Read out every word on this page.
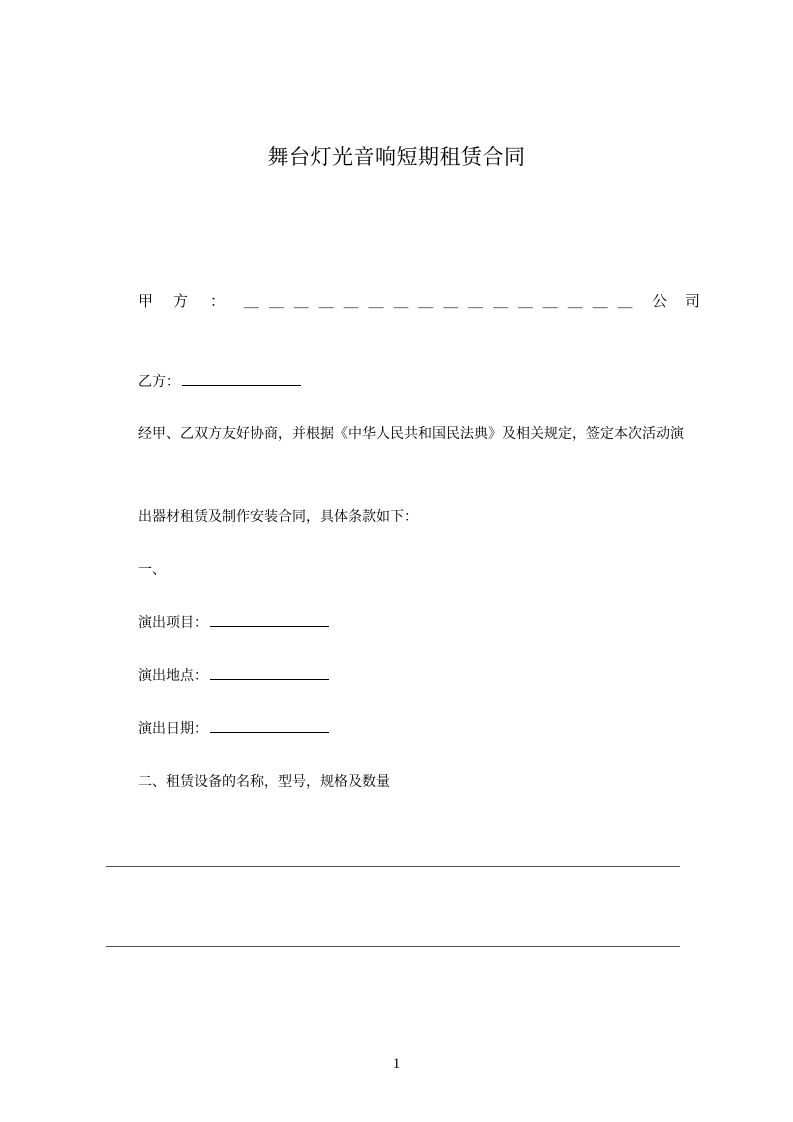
舞台灯光音响短期租赁合同
甲方 ： ＿＿＿＿＿＿＿＿＿＿＿＿＿＿＿＿ 公司
乙方：
经甲、乙双方友好协商，并根据《中华人民共和国民法典》及相关规定，签定本次活动演
出器材租赁及制作安装合同，具体条款如下：
一、
演出项目：
演出地点：
演出日期：
二、租赁设备的名称，型号，规格及数量
1
